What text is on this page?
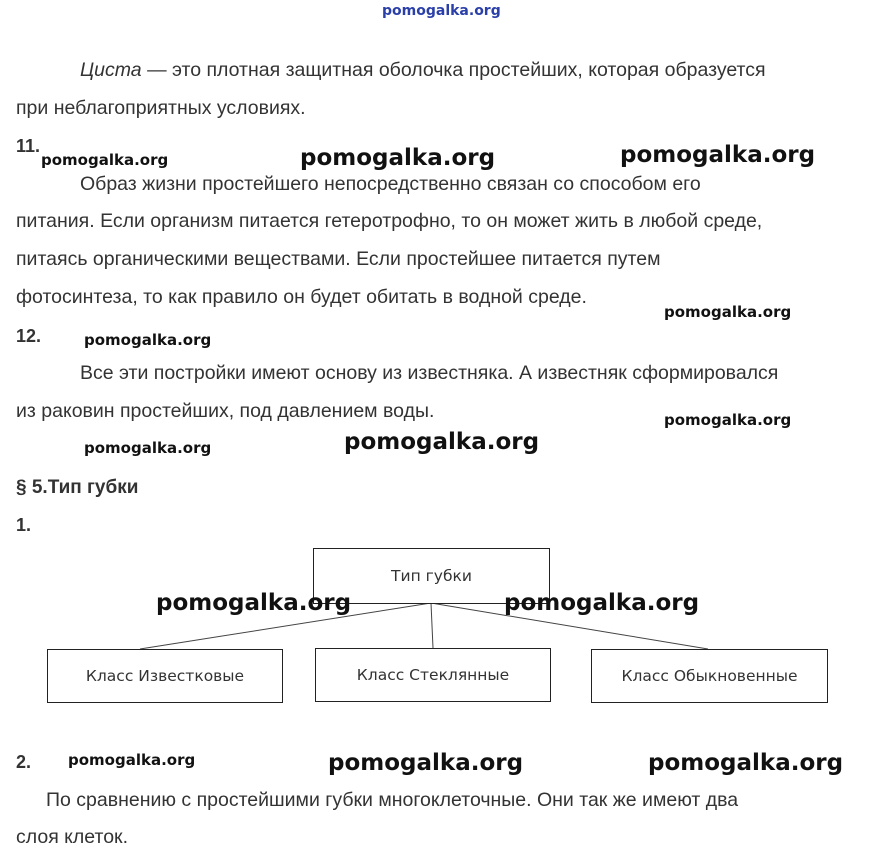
pomogalka.org
Циста — это плотная защитная оболочка простейших, которая образуется
при неблагоприятных условиях.
11.
Образ жизни простейшего непосредственно связан со способом его
питания. Если организм питается гетеротрофно, то он может жить в любой среде,
питаясь органическими веществами. Если простейшее питается путем
фотосинтеза, то как правило он будет обитать в водной среде.
12.
Все эти постройки имеют основу из известняка. А известняк сформировался
из раковин простейших, под давлением воды.
§ 5.Тип губки
1.
Тип губки
Класс Известковые	Класс Стеклянные	Класс Обыкновенные
2.
По сравнению с простейшими губки многоклеточные. Они так же имеют два
слоя клеток.
pomogalka.org	pomogalka.org	pomogalka.org
pomogalka.org
pomogalka.org
pomogalka.org
pomogalka.org	pomogalka.org
pomogalka.org	pomogalka.org
pomogalka.org	pomogalka.org	pomogalka.org
